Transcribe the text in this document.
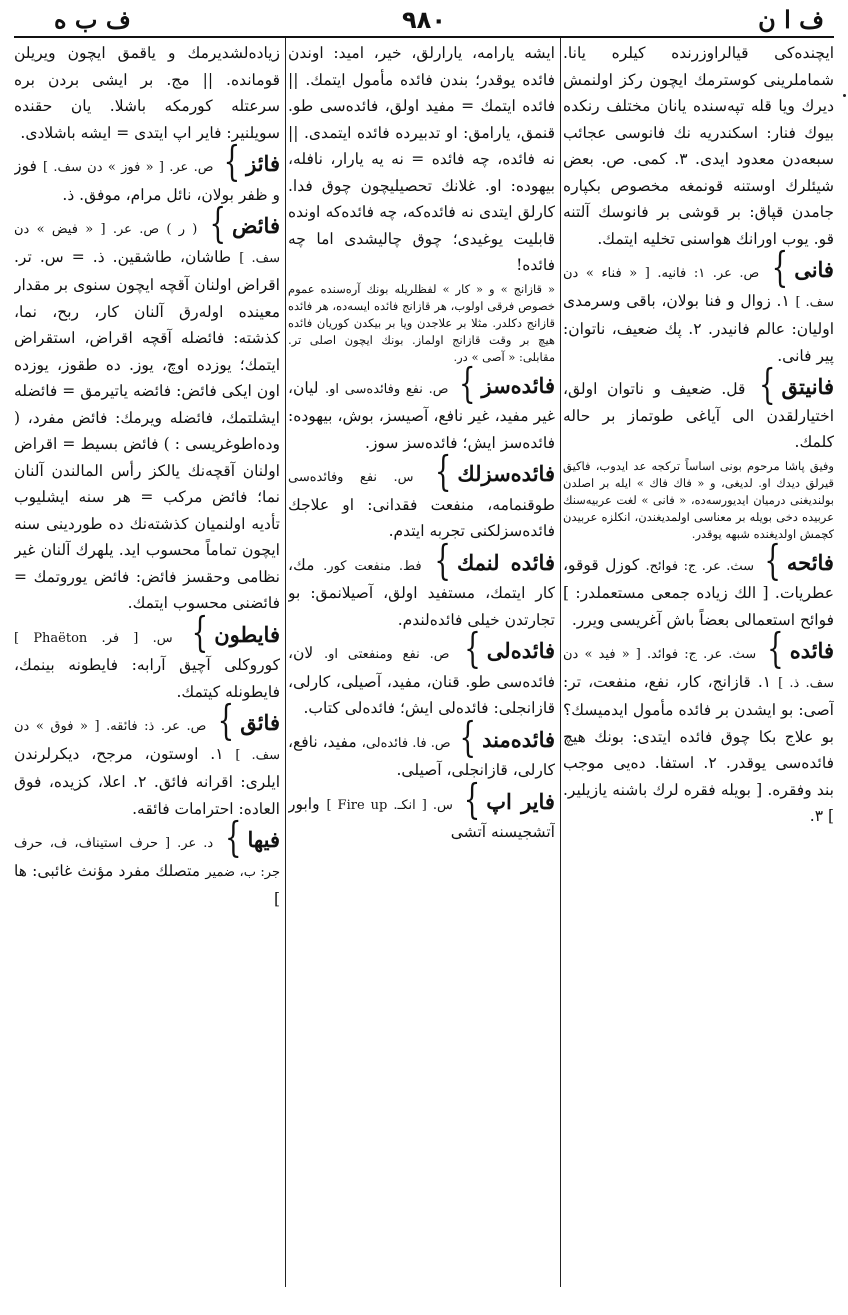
ف ا ن
٩٨٠
ف ب ه
ايچنده‌كى قيالراوزرنده كيلره يانا. شماملرينى كوسترمك ايچون ركز اولنمش ديرك ويا قله تپه‌سنده يانان مختلف رنكده بيوك فنار: اسكندريه نك فانوسى عجائب سبعه‌دن معدود ايدى. ٣. كمى. ص. بعض شيئلرك اوستنه قونمغه مخصوص بكپاره جامدن قپاق: بر قوشى بر فانوسك آلتنه قو. يوب اورانك هواسنى تخليه ايتمك.
فانى} ص. عر. ١: فانيه. [ « فناء » دن سف. ] ١. زوال و فنا بولان، باقى وسرمدى اوليان: عالم فانيدر. ٢. پك ضعيف، ناتوان: پير فانى.
فانيتق} قل. ضعيف و ناتوان اولق، اختيارلقدن الى آياغى طوتماز بر حاله كلمك.
وفيق پاشا مرحوم بونى اساساً تركجه عد ايدوب، فاكيق قيرلق ديدك او. لديغى، و « فاك فاك » ايله بر اصلدن بولنديغنى درميان ايديورسه‌ده، « فانى » لغت عربيه‌سنك عربيده دخى بويله بر معناسى اولمديغندن، انكلزه عربيدن كچمش اولديغنده شبهه يوقدر.
فائحه} سث. عر. ج: فوائح. كوزل قوقو، عطريات. [ الك زياده جمعى مستعملدر: ] فوائح استعمالى بعضاً باش آغريسى ويرر.
فائده} سث. عر. ج: فوائد. [ « فيد » دن سف. ذ. ] ١. قازانج، كار، نفع، منفعت، تر: آصى: بو ايشدن بر فائده مأمول ايدميسك؟ بو علاج بكا چوق فائده ايتدى: بونك هيچ فائده‌سى يوقدر. ٢. استفا. دەيى موجب بند وفقره. [ بويله فقره لرك باشنه يازيلير. ] ٣.
ايشه يارامه، يارارلق، خير، اميد: اوندن فائده يوقدر؛ بندن فائده مأمول ايتمك. || فائده ايتمك = مفيد اولق، فائده‌سى طو. قنمق، يارامق: او تدبيرده فائده ايتمدى. || نه فائده، چه فائده = نه يه يارار، نافله، بيهوده: او. غلانك تحصيليچون چوق فدا. كارلق ايتدى نه فائده‌كه، چه فائده‌كه اونده قابليت يوغيدى؛ چوق چاليشدى اما چه فائده!
« قازانج » و « كار » لفظلريله بونك آره‌سنده عموم خصوص فرقى اولوب، هر قازانج فائده ايسه‌ده، هر فائده قازانج دكلدر. مثلا بر علاجدن ويا بر بيكدن كوريان فائده هيچ بر وقت قازانج اولماز. بونك ايچون اصلى تر. مقابلى: « آصى » در.
فائده‌سز} ص. نفع وفائده‌سى او. ليان، غير مفيد، غير نافع، آصيسز، بوش، بيهوده: فائده‌سز ايش؛ فائده‌سز سوز.
فائده‌سزلك} س. نفع وفائده‌سى طوقنمامه، منفعت فقدانى: او علاجك فائده‌سزلكنى تجربه ايتدم.
فائده لنمك} فط. منفعت كور. مك، كار ايتمك، مستفيد اولق، آصيلانمق: بو تجارتدن خيلى فائده‌لندم.
فائده‌لى} ص. نفع ومنفعتى او. لان، فائده‌سى طو. قنان، مفيد، آصيلى، كارلى، قازانجلى: فائده‌لى ايش؛ فائده‌لى كتاب.
فائده‌مند} ص. فا. فائده‌لى، مفيد، نافع، كارلى، قازانجلى، آصيلى.
فاير اپ} س. [ انكـ. Fire up ] وابور آتشجيسنه آتشى
زياده‌لشديرمك و ياقمق ايچون ويريلن قومانده. || مج. بر ايشى بردن بره سرعتله كورمكه باشلا. يان حقنده سويلنير: فاير اپ ايتدى = ايشه باشلادى.
فائز} ص. عر. [ « فوز » دن سف. ] فوز و ظفر بولان، نائل مرام، موفق. ذ.
فائض} ( ر ) ص. عر. [ « فيض » دن سف. ] طاشان، طاشقين. ذ. = س. تر. اقراض اولنان آقچه ايچون سنوى بر مقدار معينده اوله‌رق آلنان كار، ربح، نما، كذشته: فائضله آقچه اقراض، استقراض ايتمك؛ يوزده اوچ، يوز. ده طقوز، يوزده اون ايكى فائض: فائضه ياتيرمق = فائضله ايشلتمك، فائضله ويرمك: فائض مفرد، ( وده‌اطوغريسى : ) فائض بسيط = اقراض اولنان آقچه‌نك يالكز رأس المالندن آلنان نما؛ فائض مركب = هر سنه ايشليوب تأديه اولنميان كذشته‌نك ده طوردينى سنه ايچون تماماً محسوب ايد. يلهرك آلنان غير نظامى وحقسز فائض: فائض يوروتمك = فائضنى محسوب ايتمك.
فايطون} س. [ فر. Phaëton ] كوروكلى آچيق آرابه: فايطونه بينمك، فايطونله كيتمك.
فائق} ص. عر. ذ: فائقه. [ « فوق » دن سف. ] ١. اوستون، مرجح، ديكرلرندن ايلرى: اقرانه فائق. ٢. اعلا، كزيده، فوق العاده: احترامات فائقه.
فيها} د. عر. [ حرف استيناف، ف، حرف جر: ب، ضمير متصلك مفرد مؤنث غائبى: ها ]
